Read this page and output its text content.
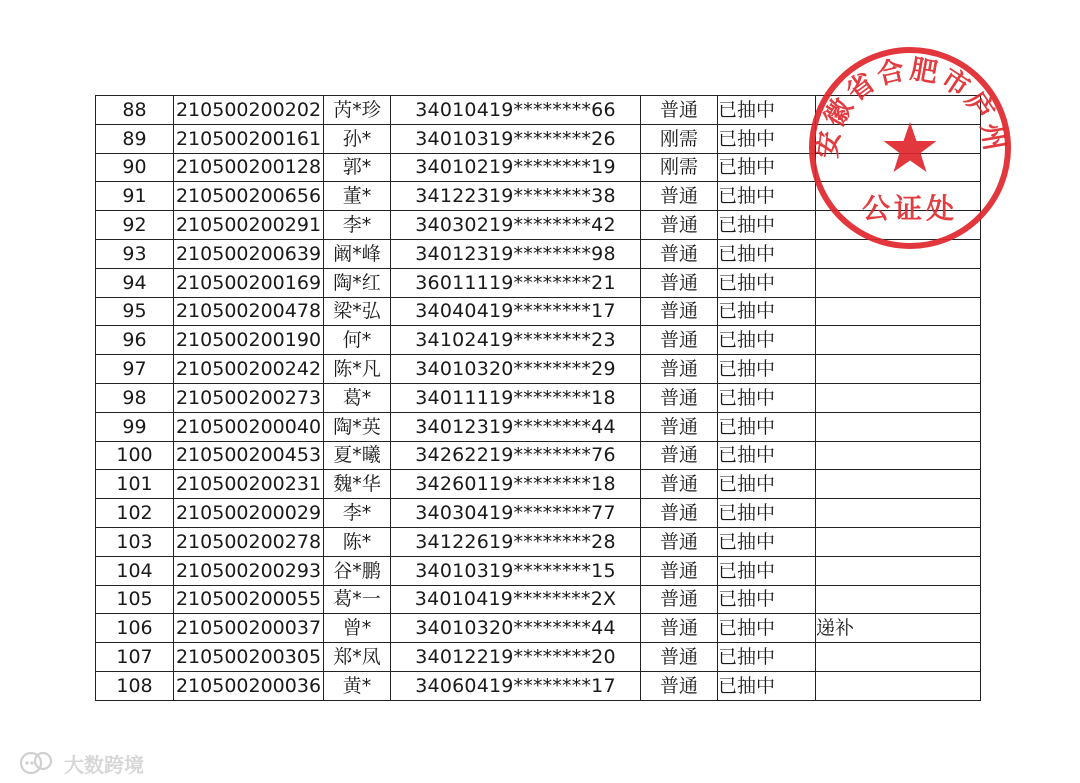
88	210500200202	芮*珍	34010419********66	普通	已抽中	
89	210500200161	孙*	34010319********26	刚需	已抽中	
90	210500200128	郭*	34010219********19	刚需	已抽中	
91	210500200656	董*	34122319********38	普通	已抽中	
92	210500200291	李*	34030219********42	普通	已抽中	
93	210500200639	阚*峰	34012319********98	普通	已抽中	
94	210500200169	陶*红	36011119********21	普通	已抽中	
95	210500200478	梁*弘	34040419********17	普通	已抽中	
96	210500200190	何*	34102419********23	普通	已抽中	
97	210500200242	陈*凡	34010320********29	普通	已抽中	
98	210500200273	葛*	34011119********18	普通	已抽中	
99	210500200040	陶*英	34012319********44	普通	已抽中	
100	210500200453	夏*曦	34262219********76	普通	已抽中	
101	210500200231	魏*华	34260119********18	普通	已抽中	
102	210500200029	李*	34030419********77	普通	已抽中	
103	210500200278	陈*	34122619********28	普通	已抽中	
104	210500200293	谷*鹏	34010319********15	普通	已抽中	
105	210500200055	葛*一	34010419********2X	普通	已抽中	
106	210500200037	曾*	34010320********44	普通	已抽中	递补
107	210500200305	郑*凤	34012219********20	普通	已抽中	
108	210500200036	黄*	34060419********17	普通	已抽中	
安徽省合肥市庐州
公证处
大数跨境
